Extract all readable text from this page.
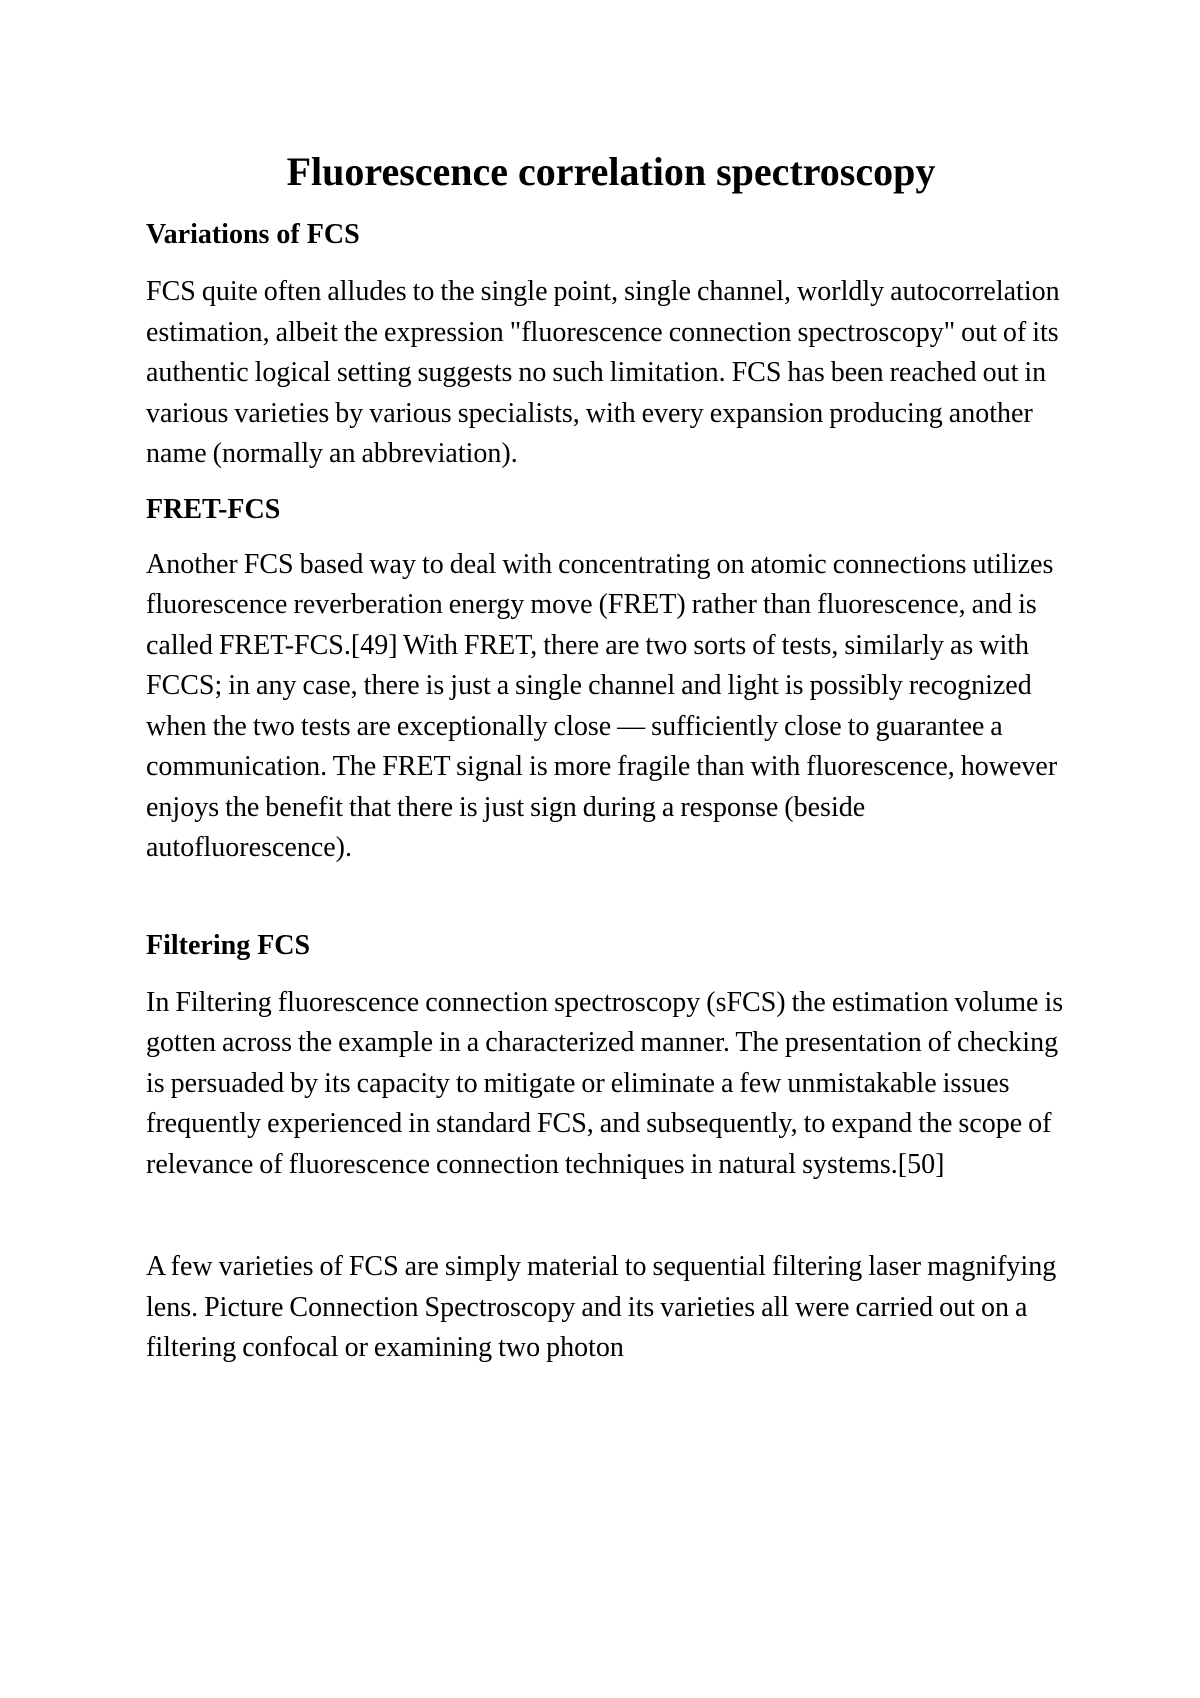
Fluorescence correlation spectroscopy
Variations of FCS

FCS quite often alludes to the single point, single channel, worldly autocorrelation estimation, albeit the expression "fluorescence connection spectroscopy" out of its authentic logical setting suggests no such limitation. FCS has been reached out in various varieties by various specialists, with every expansion producing another name (normally an abbreviation).

FRET-FCS

Another FCS based way to deal with concentrating on atomic connections utilizes fluorescence reverberation energy move (FRET) rather than fluorescence, and is called FRET-FCS.[49] With FRET, there are two sorts of tests, similarly as with FCCS; in any case, there is just a single channel and light is possibly recognized when the two tests are exceptionally close — sufficiently close to guarantee a communication. The FRET signal is more fragile than with fluorescence, however enjoys the benefit that there is just sign during a response (beside autofluorescence).

Filtering FCS

In Filtering fluorescence connection spectroscopy (sFCS) the estimation volume is gotten across the example in a characterized manner. The presentation of checking is persuaded by its capacity to mitigate or eliminate a few unmistakable issues frequently experienced in standard FCS, and subsequently, to expand the scope of relevance of fluorescence connection techniques in natural systems.[50]

A few varieties of FCS are simply material to sequential filtering laser magnifying lens. Picture Connection Spectroscopy and its varieties all were carried out on a filtering confocal or examining two photon
